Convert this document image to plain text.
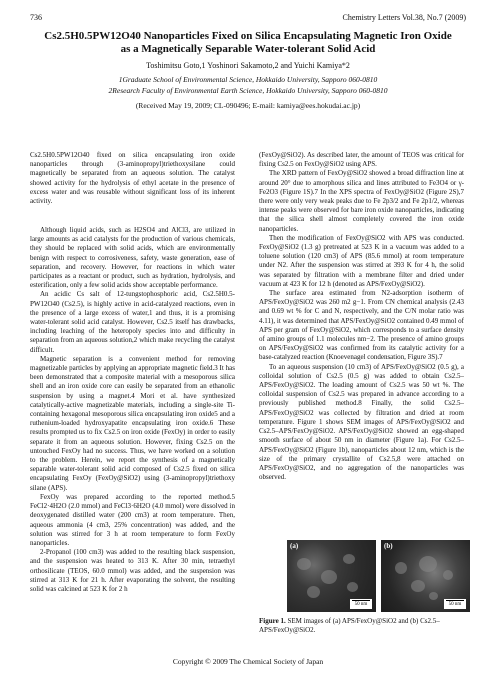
736	Chemistry Letters Vol.38, No.7 (2009)
Cs2.5H0.5PW12O40 Nanoparticles Fixed on Silica Encapsulating Magnetic Iron Oxide
as a Magnetically Separable Water-tolerant Solid Acid
Toshimitsu Goto,1 Yoshinori Sakamoto,2 and Yuichi Kamiya*2
1Graduate School of Environmental Science, Hokkaido University, Sapporo 060-0810
2Research Faculty of Environmental Earth Science, Hokkaido University, Sapporo 060-0810
(Received May 19, 2009; CL-090496; E-mail: kamiya@ees.hokudai.ac.jp)
Cs2.5H0.5PW12O40 fixed on silica encapsulating iron oxide nanoparticles through (3-aminopropyl)triethoxysilane could magnetically be separated from an aqueous solution. The catalyst showed activity for the hydrolysis of ethyl acetate in the presence of excess water and was reusable without significant loss of its inherent activity.

Although liquid acids, such as H2SO4 and AlCl3, are utilized in large amounts as acid catalysts for the production of various chemicals, they should be replaced with solid acids, which are environmentally benign with respect to corrosiveness, safety, waste generation, ease of separation, and recovery. However, for reactions in which water participates as a reactant or product, such as hydration, hydrolysis, and esterification, only a few solid acids show acceptable performance.

An acidic Cs salt of 12-tungstophosphoric acid, Cs2.5H0.5-PW12O40 (Cs2.5), is highly active in acid-catalyzed reactions, even in the presence of a large excess of water,1 and thus, it is a promising water-tolerant solid acid catalyst. However, Cs2.5 itself has drawbacks, including leaching of the heteropoly species into and difficulty in separation from an aqueous solution,2 which make recycling the catalyst difficult.

Magnetic separation is a convenient method for removing magnetizable particles by applying an appropriate magnetic field.3 It has been demonstrated that a composite material with a mesoporous silica shell and an iron oxide core can easily be separated from an ethanolic suspension by using a magnet.4 Mori et al. have synthesized catalytically-active magnetizable materials, including a single-site Ti-containing hexagonal mesoporous silica encapsulating iron oxide5 and a ruthenium-loaded hydroxyapatite encapsulating iron oxide.6 These results prompted us to fix Cs2.5 on iron oxide (FexOy) in order to easily separate it from an aqueous solution. However, fixing Cs2.5 on the untouched FexOy had no success. Thus, we have worked on a solution to the problem. Herein, we report the synthesis of a magnetically separable water-tolerant solid acid composed of Cs2.5 fixed on silica encapsulating FexOy (FexOy@SiO2) using (3-aminopropyl)triethoxy silane (APS).

FexOy was prepared according to the reported method.5 FeCl2·4H2O (2.0 mmol) and FeCl3·6H2O (4.0 mmol) were dissolved in deoxygenated distilled water (200 cm3) at room temperature. Then, aqueous ammonia (4 cm3, 25% concentration) was added, and the solution was stirred for 3 h at room temperature to form FexOy nanoparticles.

2-Propanol (100 cm3) was added to the resulting black suspension, and the suspension was heated to 313 K. After 30 min, tetraethyl orthosilicate (TEOS, 60.0 mmol) was added, and the suspension was stirred at 313 K for 21 h. After evaporating the solvent, the resulting solid was calcined at 523 K for 2 h

(FexOy@SiO2). As described later, the amount of TEOS was critical for fixing Cs2.5 on FexOy@SiO2 using APS.

The XRD pattern of FexOy@SiO2 showed a broad diffraction line at around 20° due to amorphous silica and lines attributed to Fe3O4 or γ-Fe2O3 (Figure 1S).7 In the XPS spectra of FexOy@SiO2 (Figure 2S),7 there were only very weak peaks due to Fe 2p3/2 and Fe 2p1/2, whereas intense peaks were observed for bare iron oxide nanoparticles, indicating that the silica shell almost completely covered the iron oxide nanoparticles.

Then the modification of FexOy@SiO2 with APS was conducted. FexOy@SiO2 (1.3 g) pretreated at 523 K in a vacuum was added to a toluene solution (120 cm3) of APS (85.6 mmol) at room temperature under N2. After the suspension was stirred at 393 K for 4 h, the solid was separated by filtration with a membrane filter and dried under vacuum at 423 K for 12 h (denoted as APS/FexOy@SiO2).

The surface area estimated from N2-adsorption isotherm of APS/FexOy@SiO2 was 260 m2 g−1. From CN chemical analysis (2.43 and 0.69 wt % for C and N, respectively, and the C/N molar ratio was 4.11), it was determined that APS/FexOy@SiO2 contained 0.49 mmol of APS per gram of FexOy@SiO2, which corresponds to a surface density of amino groups of 1.1 molecules nm−2. The presence of amino groups on APS/FexOy@SiO2 was confirmed from its catalytic activity for a base-catalyzed reaction (Knoevenagel condensation, Figure 3S).7

To an aqueous suspension (10 cm3) of APS/FexOy@SiO2 (0.5 g), a colloidal solution of Cs2.5 (0.5 g) was added to obtain Cs2.5–APS/FexOy@SiO2. The loading amount of Cs2.5 was 50 wt %. The colloidal suspension of Cs2.5 was prepared in advance according to a previously published method.8 Finally, the solid Cs2.5–APS/FexOy@SiO2 was collected by filtration and dried at room temperature. Figure 1 shows SEM images of APS/FexOy@SiO2 and Cs2.5–APS/FexOy@SiO2. APS/FexOy@SiO2 showed an egg-shaped smooth surface of about 50 nm in diameter (Figure 1a). For Cs2.5–APS/FexOy@SiO2 (Figure 1b), nanoparticles about 12 nm, which is the size of the primary crystallite of Cs2.5,8 were attached on APS/FexOy@SiO2, and no aggregation of the nanoparticles was observed.

(a)
50 nm
(b)
50 nm
Figure 1. SEM images of (a) APS/FexOy@SiO2 and (b) Cs2.5–APS/FexOy@SiO2.
Copyright © 2009 The Chemical Society of Japan
